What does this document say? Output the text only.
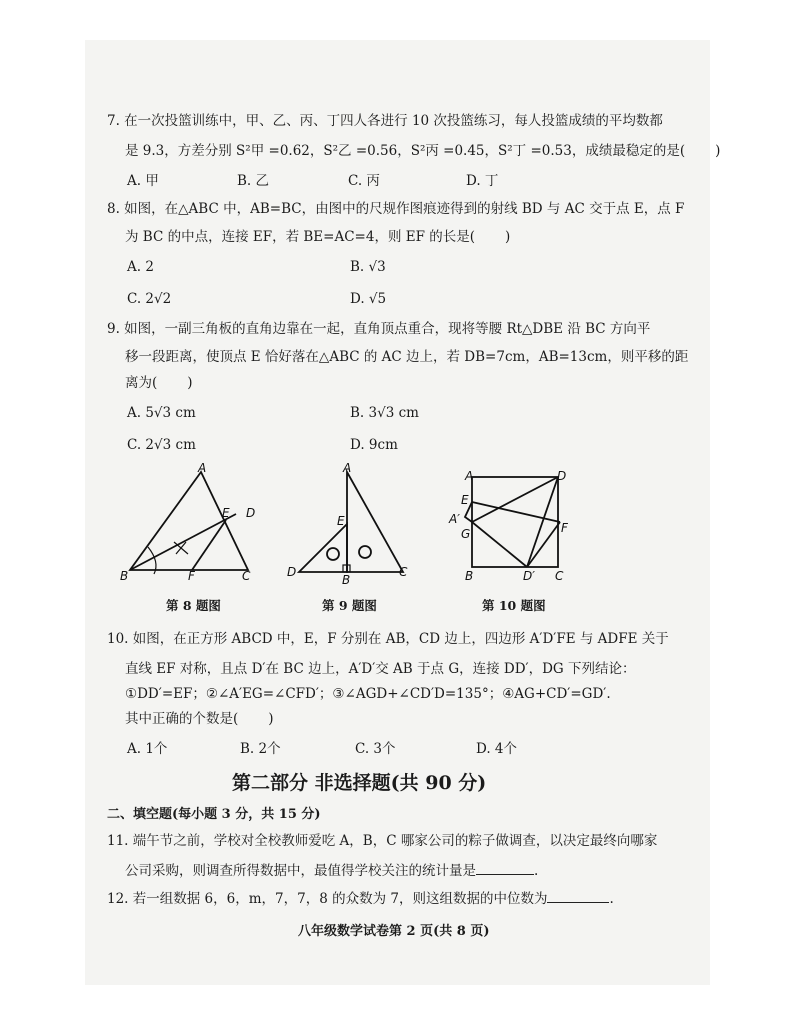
7. 在一次投篮训练中，甲、乙、丙、丁四人各进行 10 次投篮练习，每人投篮成绩的平均数都
是 9.3，方差分别 S²甲 =0.62，S²乙 =0.56，S²丙 =0.45，S²丁 =0.53，成绩最稳定的是( )
A. 甲	B. 乙	C. 丙	D. 丁
8. 如图，在△ABC 中，AB=BC，由图中的尺规作图痕迹得到的射线 BD 与 AC 交于点 E，点 F
为 BC 的中点，连接 EF，若 BE=AC=4，则 EF 的长是( )
A. 2	B. √3
C. 2√2	D. √5
9. 如图，一副三角板的直角边靠在一起，直角顶点重合，现将等腰 Rt△DBE 沿 BC 方向平
移一段距离，使顶点 E 恰好落在△ABC 的 AC 边上，若 DB=7cm，AB=13cm，则平移的距
离为( )
A. 5√3 cm	B. 3√3 cm
C. 2√3 cm	D. 9cm
A
B	C
D
E
F
第 8 题图
A
B
C
D
E
第 9 题图
A	D
E
A′
G	F
B	D′ C
第 10 题图
10. 如图，在正方形 ABCD 中，E，F 分别在 AB，CD 边上，四边形 A′D′FE 与 ADFE 关于
直线 EF 对称，且点 D′在 BC 边上，A′D′交 AB 于点 G，连接 DD′，DG 下列结论：
①DD′=EF；②∠A′EG=∠CFD′；③∠AGD+∠CD′D=135°；④AG+CD′=GD′.
其中正确的个数是( )
A. 1个	B. 2个	C. 3个	D. 4个
第二部分 非选择题(共 90 分)
二、填空题(每小题 3 分，共 15 分)
11. 端午节之前，学校对全校教师爱吃 A，B，C 哪家公司的粽子做调查，以决定最终向哪家
公司采购，则调查所得数据中，最值得学校关注的统计量是	.
12. 若一组数据 6，6，m，7，7，8 的众数为 7，则这组数据的中位数为	.
八年级数学试卷第 2 页(共 8 页)
